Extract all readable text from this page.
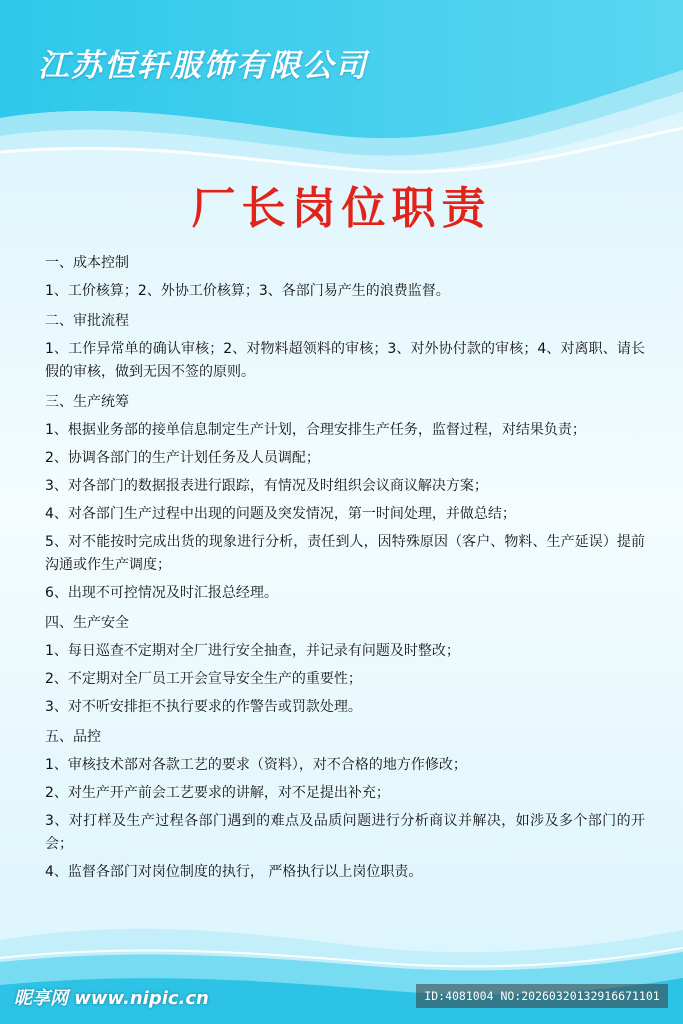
江苏恒轩服饰有限公司
厂长岗位职责
一、成本控制
1、工价核算；2、外协工价核算；3、各部门易产生的浪费监督。
二、审批流程
1、工作异常单的确认审核；2、对物料超领料的审核；3、对外协付款的审核；4、对离职、请长假的审核，做到无因不签的原则。
三、生产统筹
1、根据业务部的接单信息制定生产计划，合理安排生产任务，监督过程，对结果负责；
2、协调各部门的生产计划任务及人员调配；
3、对各部门的数据报表进行跟踪，有情况及时组织会议商议解决方案；
4、对各部门生产过程中出现的问题及突发情况，第一时间处理，并做总结；
5、对不能按时完成出货的现象进行分析，责任到人，因特殊原因（客户、物料、生产延误）提前沟通或作生产调度；
6、出现不可控情况及时汇报总经理。
四、生产安全
1、每日巡查不定期对全厂进行安全抽查，并记录有问题及时整改；
2、不定期对全厂员工开会宣导安全生产的重要性；
3、对不听安排拒不执行要求的作警告或罚款处理。
五、品控
1、审核技术部对各款工艺的要求（资料），对不合格的地方作修改；
2、对生产开产前会工艺要求的讲解，对不足提出补充；
3、对打样及生产过程各部门遇到的难点及品质问题进行分析商议并解决，如涉及多个部门的开会；
4、监督各部门对岗位制度的执行， 严格执行以上岗位职责。
昵享网 www.nipic.cn	ID:4081004 NO:20260320132916671101
